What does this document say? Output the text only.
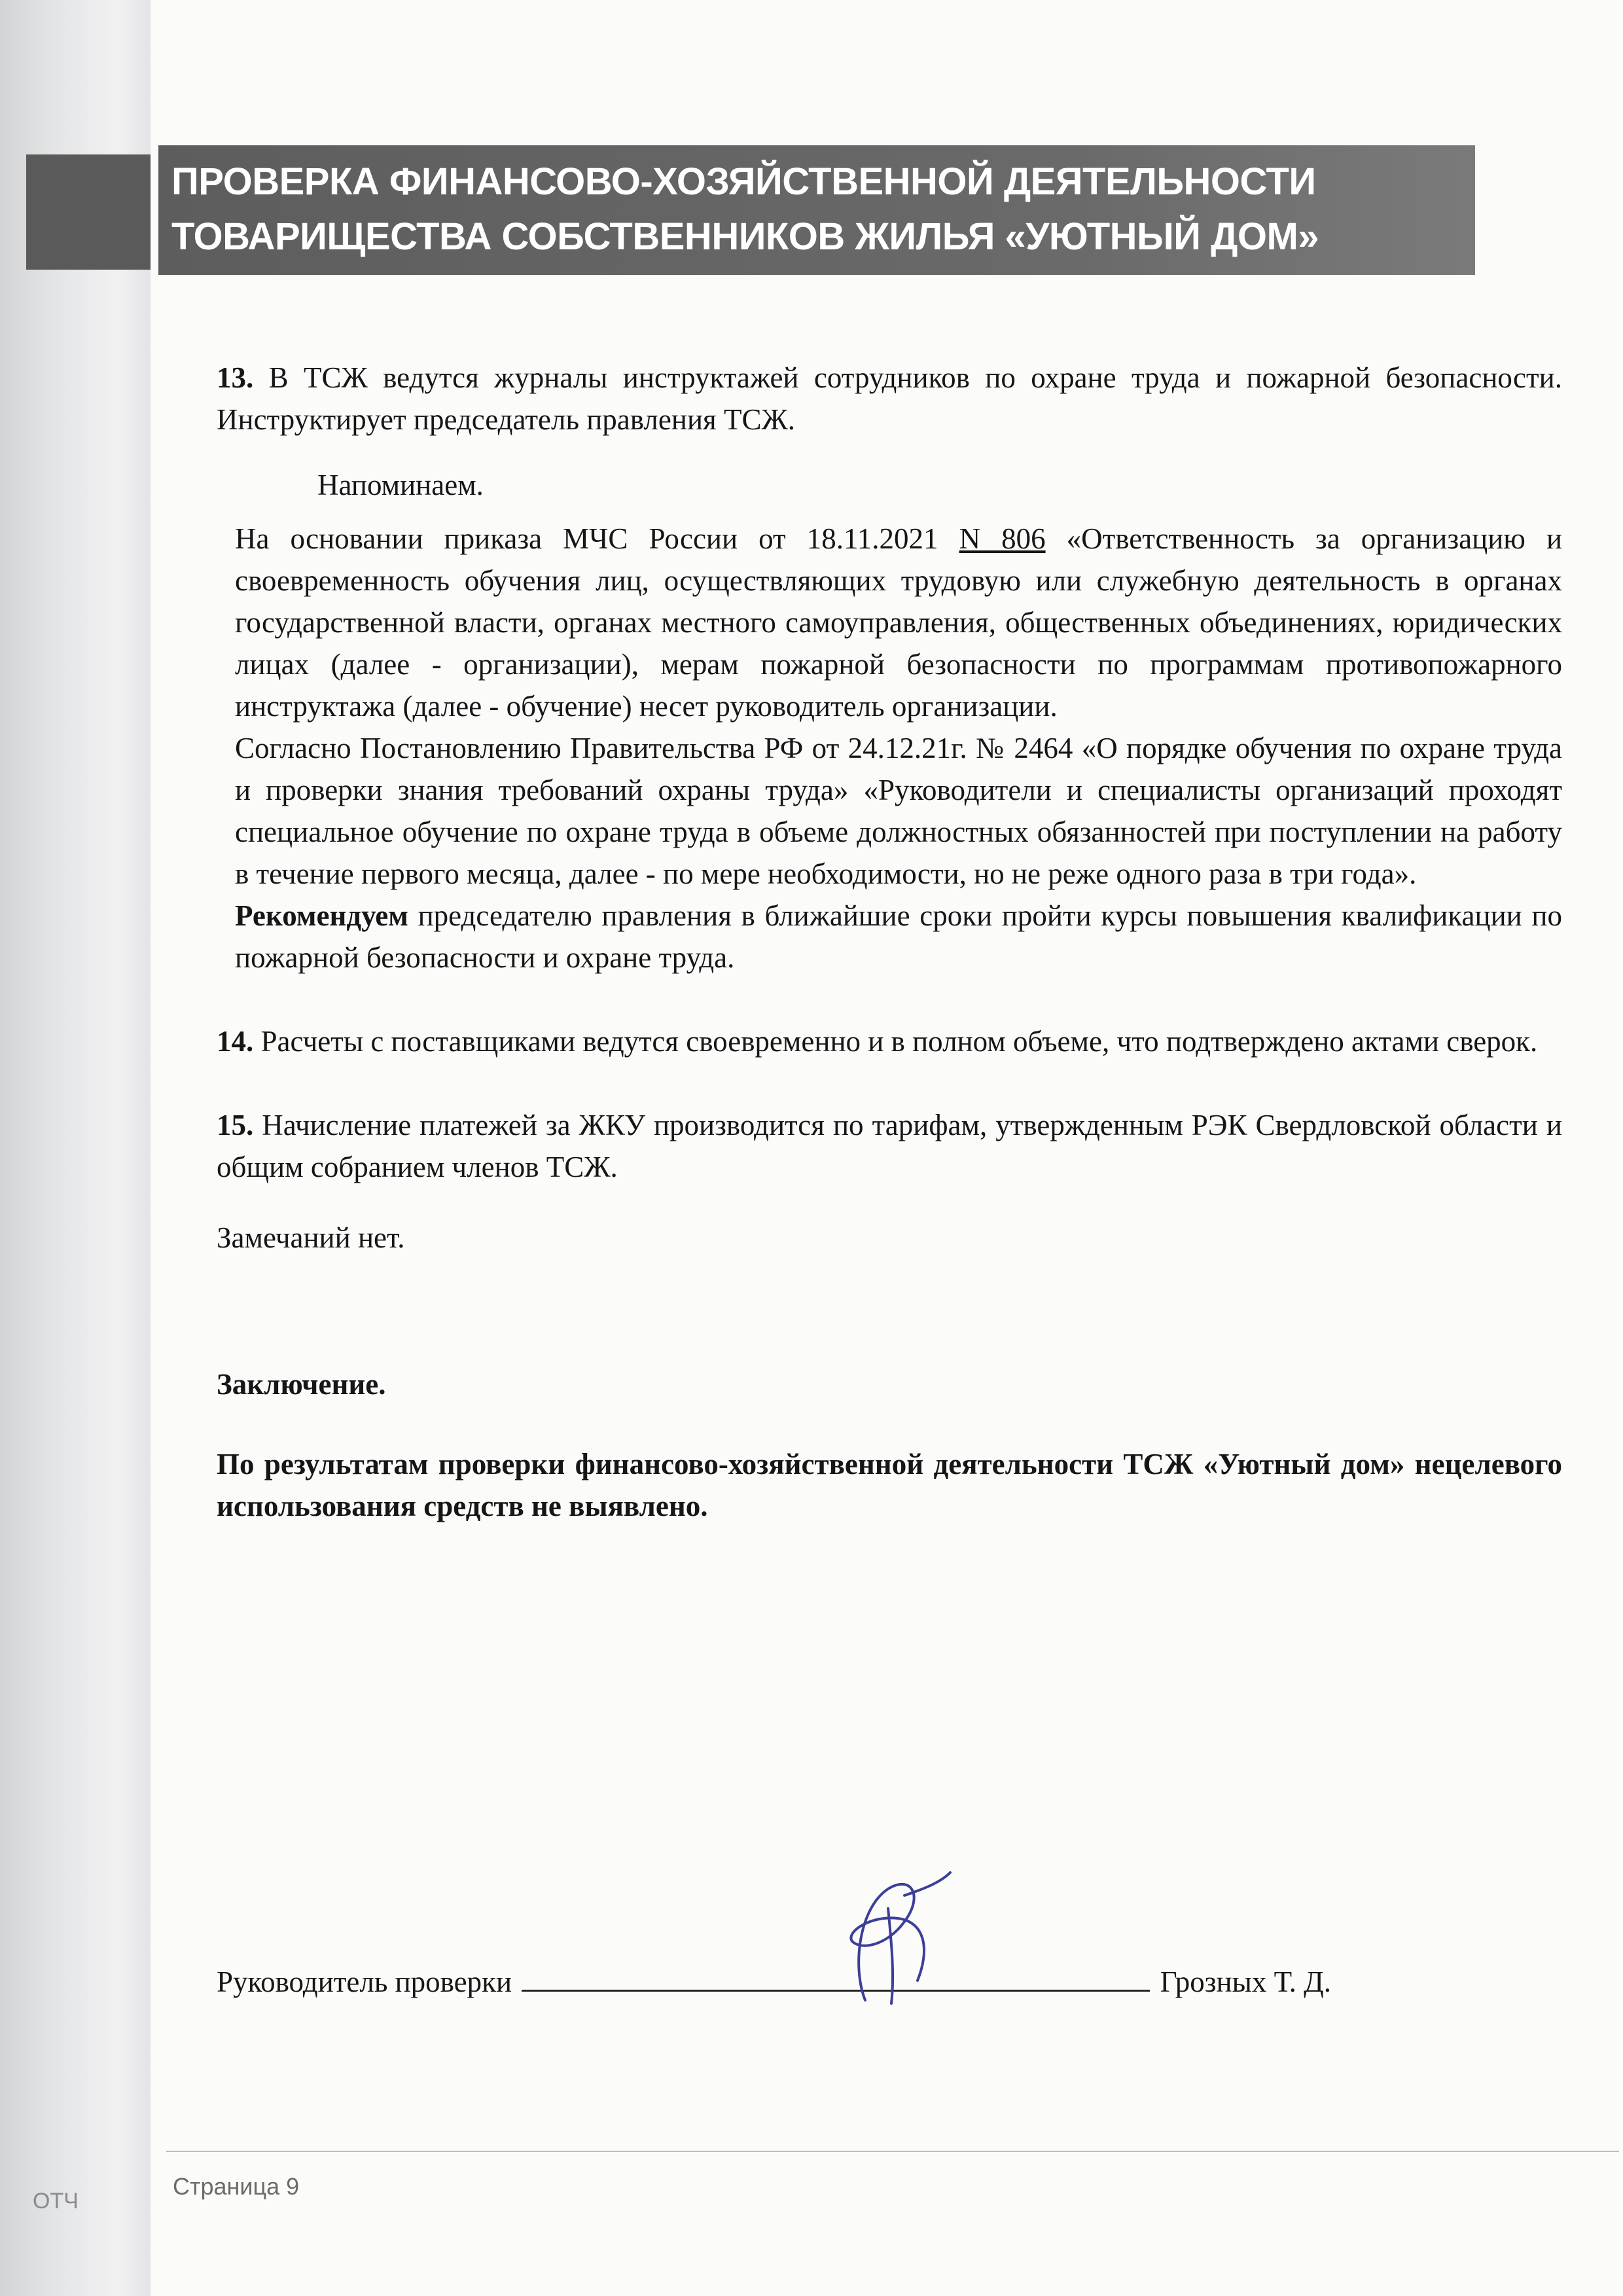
ОТЧ
ПРОВЕРКА ФИНАНСОВО-ХОЗЯЙСТВЕННОЙ ДЕЯТЕЛЬНОСТИ
ТОВАРИЩЕСТВА СОБСТВЕННИКОВ ЖИЛЬЯ «УЮТНЫЙ ДОМ»

13. В ТСЖ ведутся журналы инструктажей сотрудников по охране труда и пожарной безопасности. Инструктирует председатель правления ТСЖ.

Напоминаем.

На основании приказа МЧС России от 18.11.2021 N 806 «Ответственность за организацию и своевременность обучения лиц, осуществляющих трудовую или служебную деятельность в органах государственной власти, органах местного самоуправления, общественных объединениях, юридических лицах (далее - организации), мерам пожарной безопасности по программам противопожарного инструктажа (далее - обучение) несет руководитель организации.

Согласно Постановлению Правительства РФ от 24.12.21г. № 2464 «О порядке обучения по охране труда и проверки знания требований охраны труда» «Руководители и специалисты организаций проходят специальное обучение по охране труда в объеме должностных обязанностей при поступлении на работу в течение первого месяца, далее - по мере необходимости, но не реже одного раза в три года».

Рекомендуем председателю правления в ближайшие сроки пройти курсы повышения квалификации по пожарной безопасности и охране труда.

14. Расчеты с поставщиками ведутся своевременно и в полном объеме, что подтверждено актами сверок.

15. Начисление платежей за ЖКУ производится по тарифам, утвержденным РЭК Свердловской области и общим собранием членов ТСЖ.

Замечаний нет.

Заключение.

По результатам проверки финансово-хозяйственной деятельности ТСЖ «Уютный дом» нецелевого использования средств не выявлено.

Руководитель проверки	Грозных Т. Д.
Страница 9
